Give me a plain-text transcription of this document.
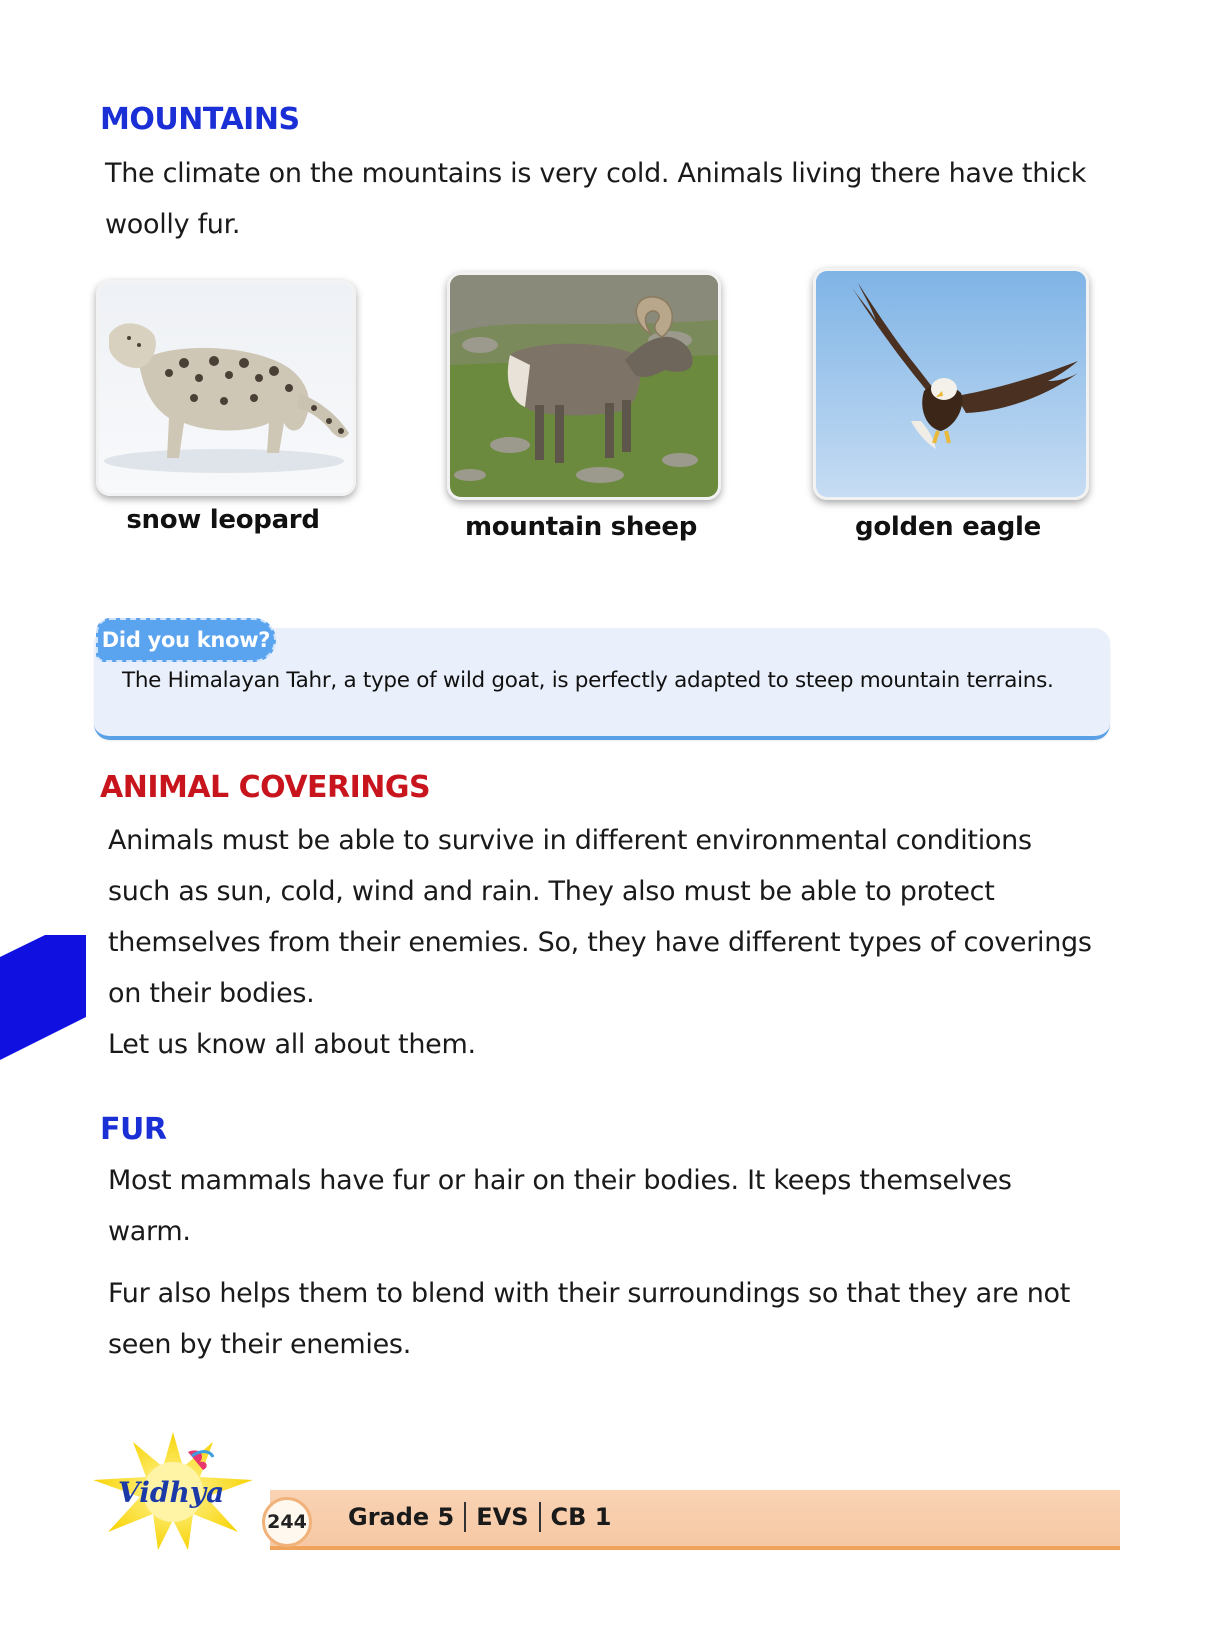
MOUNTAINS
The climate on the mountains is very cold. Animals living there have thick
woolly fur.
snow leopard	mountain sheep	golden eagle
Did you know?
The Himalayan Tahr, a type of wild goat, is perfectly adapted to steep mountain terrains.
ANIMAL COVERINGS
Animals must be able to survive in different environmental conditions
such as sun, cold, wind and rain. They also must be able to protect
themselves from their enemies. So, they have different types of coverings
on their bodies.
Let us know all about them.
FUR
Most mammals have fur or hair on their bodies. It keeps themselves
warm.
Fur also helps them to blend with their surroundings so that they are not
seen by their enemies.
244 Grade 5 EVS CB 1
Vidhya
